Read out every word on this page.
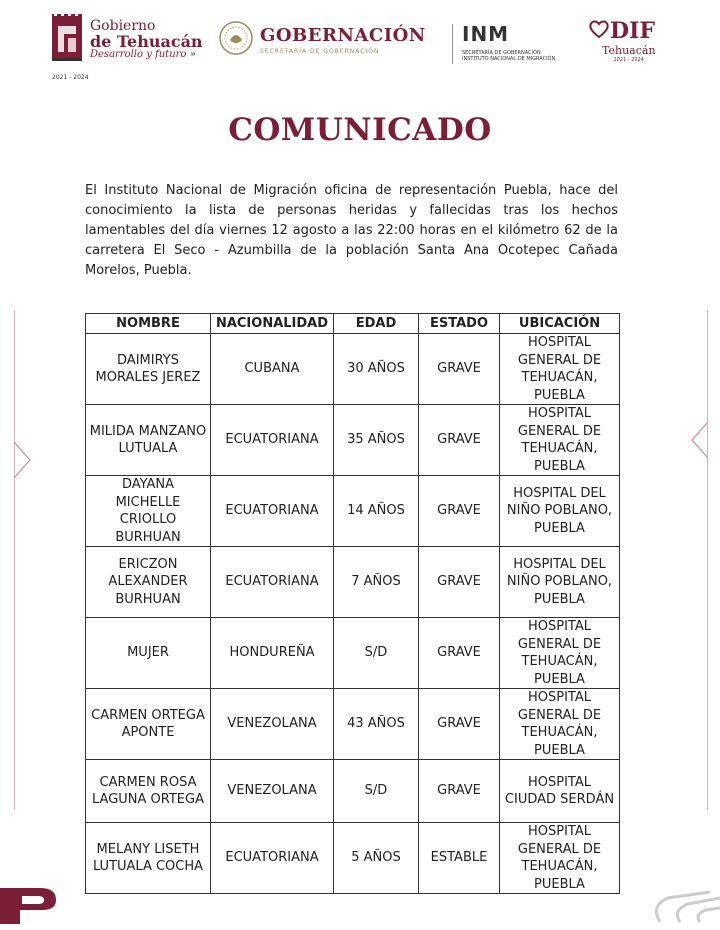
Gobierno
de Tehuacán
Desarrollo y futuro »
2021 - 2024
GOBERNACIÓN
SECRETARÍA DE GOBERNACIÓN
INM
SECRETARÍA DE GOBERNACIÓN
INSTITUTO NACIONAL DE MIGRACIÓN
DIF
Tehuacán
2021 - 2024
COMUNICADO

El Instituto Nacional de Migración oficina de representación Puebla, hace del conocimiento la lista de personas heridas y fallecidas tras los hechos lamentables del día viernes 12 agosto a las 22:00 horas en el kilómetro 62 de la carretera El Seco - Azumbilla de la población Santa Ana Ocotepec Cañada Morelos, Puebla.

NOMBRE	NACIONALIDAD	EDAD	ESTADO	UBICACIÓN
DAIMIRYS MORALES JEREZ	CUBANA	30 AÑOS	GRAVE	HOSPITAL GENERAL DE TEHUACÁN, PUEBLA
MILIDA MANZANO LUTUALA	ECUATORIANA	35 AÑOS	GRAVE	HOSPITAL GENERAL DE TEHUACÁN, PUEBLA
DAYANA MICHELLE CRIOLLO BURHUAN	ECUATORIANA	14 AÑOS	GRAVE	HOSPITAL DEL NIÑO POBLANO, PUEBLA
ERICZON ALEXANDER BURHUAN	ECUATORIANA	7 AÑOS	GRAVE	HOSPITAL DEL NIÑO POBLANO, PUEBLA
MUJER	HONDUREÑA	S/D	GRAVE	HOSPITAL GENERAL DE TEHUACÁN, PUEBLA
CARMEN ORTEGA APONTE	VENEZOLANA	43 AÑOS	GRAVE	HOSPITAL GENERAL DE TEHUACÁN, PUEBLA
CARMEN ROSA LAGUNA ORTEGA	VENEZOLANA	S/D	GRAVE	HOSPITAL CIUDAD SERDÁN
MELANY LISETH LUTUALA COCHA	ECUATORIANA	5 AÑOS	ESTABLE	HOSPITAL GENERAL DE TEHUACÁN, PUEBLA
